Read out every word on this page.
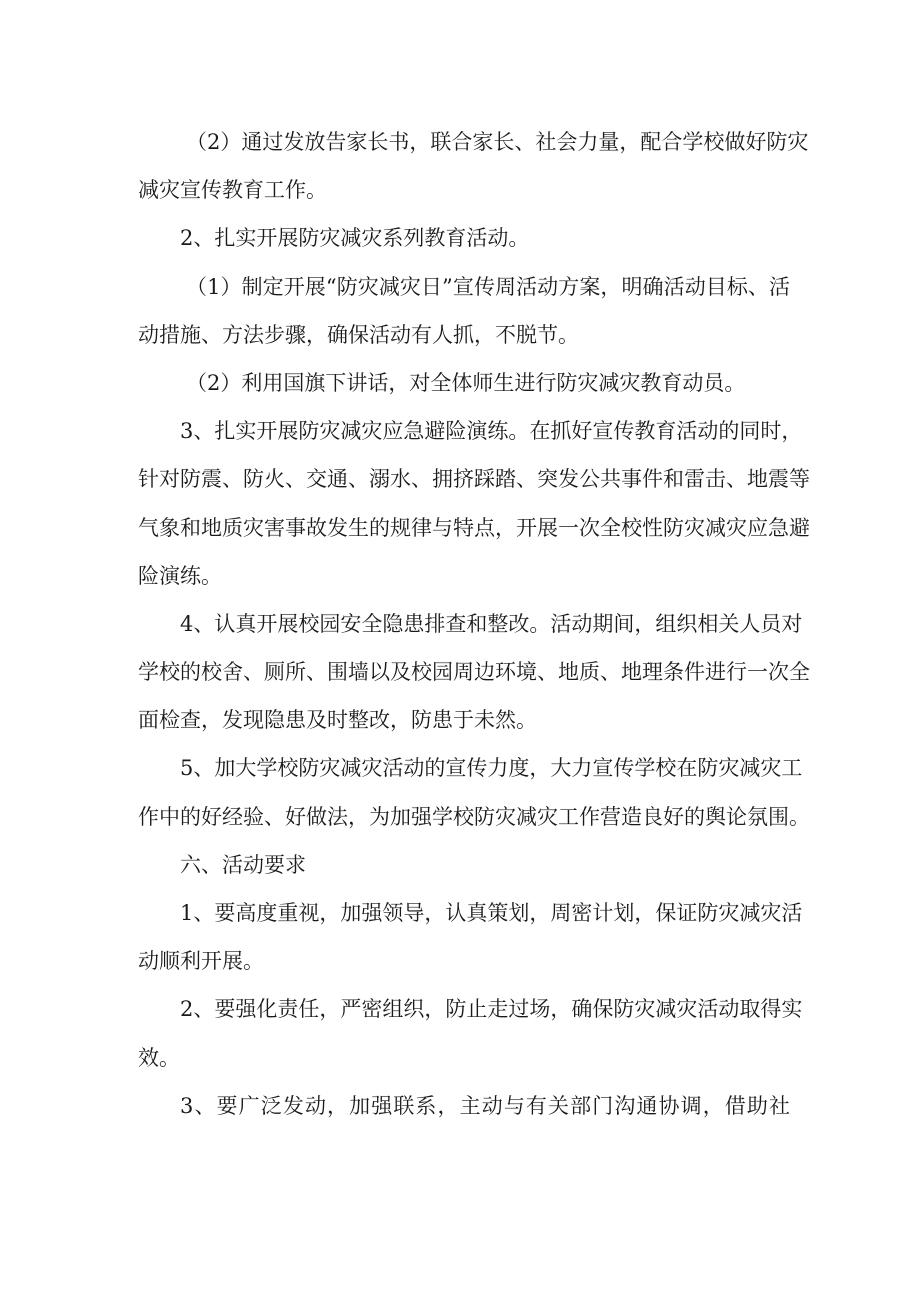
（2）通过发放告家长书，联合家长、社会力量，配合学校做好防灾
减灾宣传教育工作。
2、扎实开展防灾减灾系列教育活动。
（1）制定开展“防灾减灾日”宣传周活动方案，明确活动目标、活
动措施、方法步骤，确保活动有人抓，不脱节。
（2）利用国旗下讲话，对全体师生进行防灾减灾教育动员。
3、扎实开展防灾减灾应急避险演练。在抓好宣传教育活动的同时，
针对防震、防火、交通、溺水、拥挤踩踏、突发公共事件和雷击、地震等
气象和地质灾害事故发生的规律与特点，开展一次全校性防灾减灾应急避
险演练。
4、认真开展校园安全隐患排查和整改。活动期间，组织相关人员对
学校的校舍、厕所、围墙以及校园周边环境、地质、地理条件进行一次全
面检查，发现隐患及时整改，防患于未然。
5、加大学校防灾减灾活动的宣传力度，大力宣传学校在防灾减灾工
作中的好经验、好做法，为加强学校防灾减灾工作营造良好的舆论氛围。
六、活动要求
1、要高度重视，加强领导，认真策划，周密计划，保证防灾减灾活
动顺利开展。
2、要强化责任，严密组织，防止走过场，确保防灾减灾活动取得实
效。
3、要广泛发动，加强联系，主动与有关部门沟通协调，借助社
